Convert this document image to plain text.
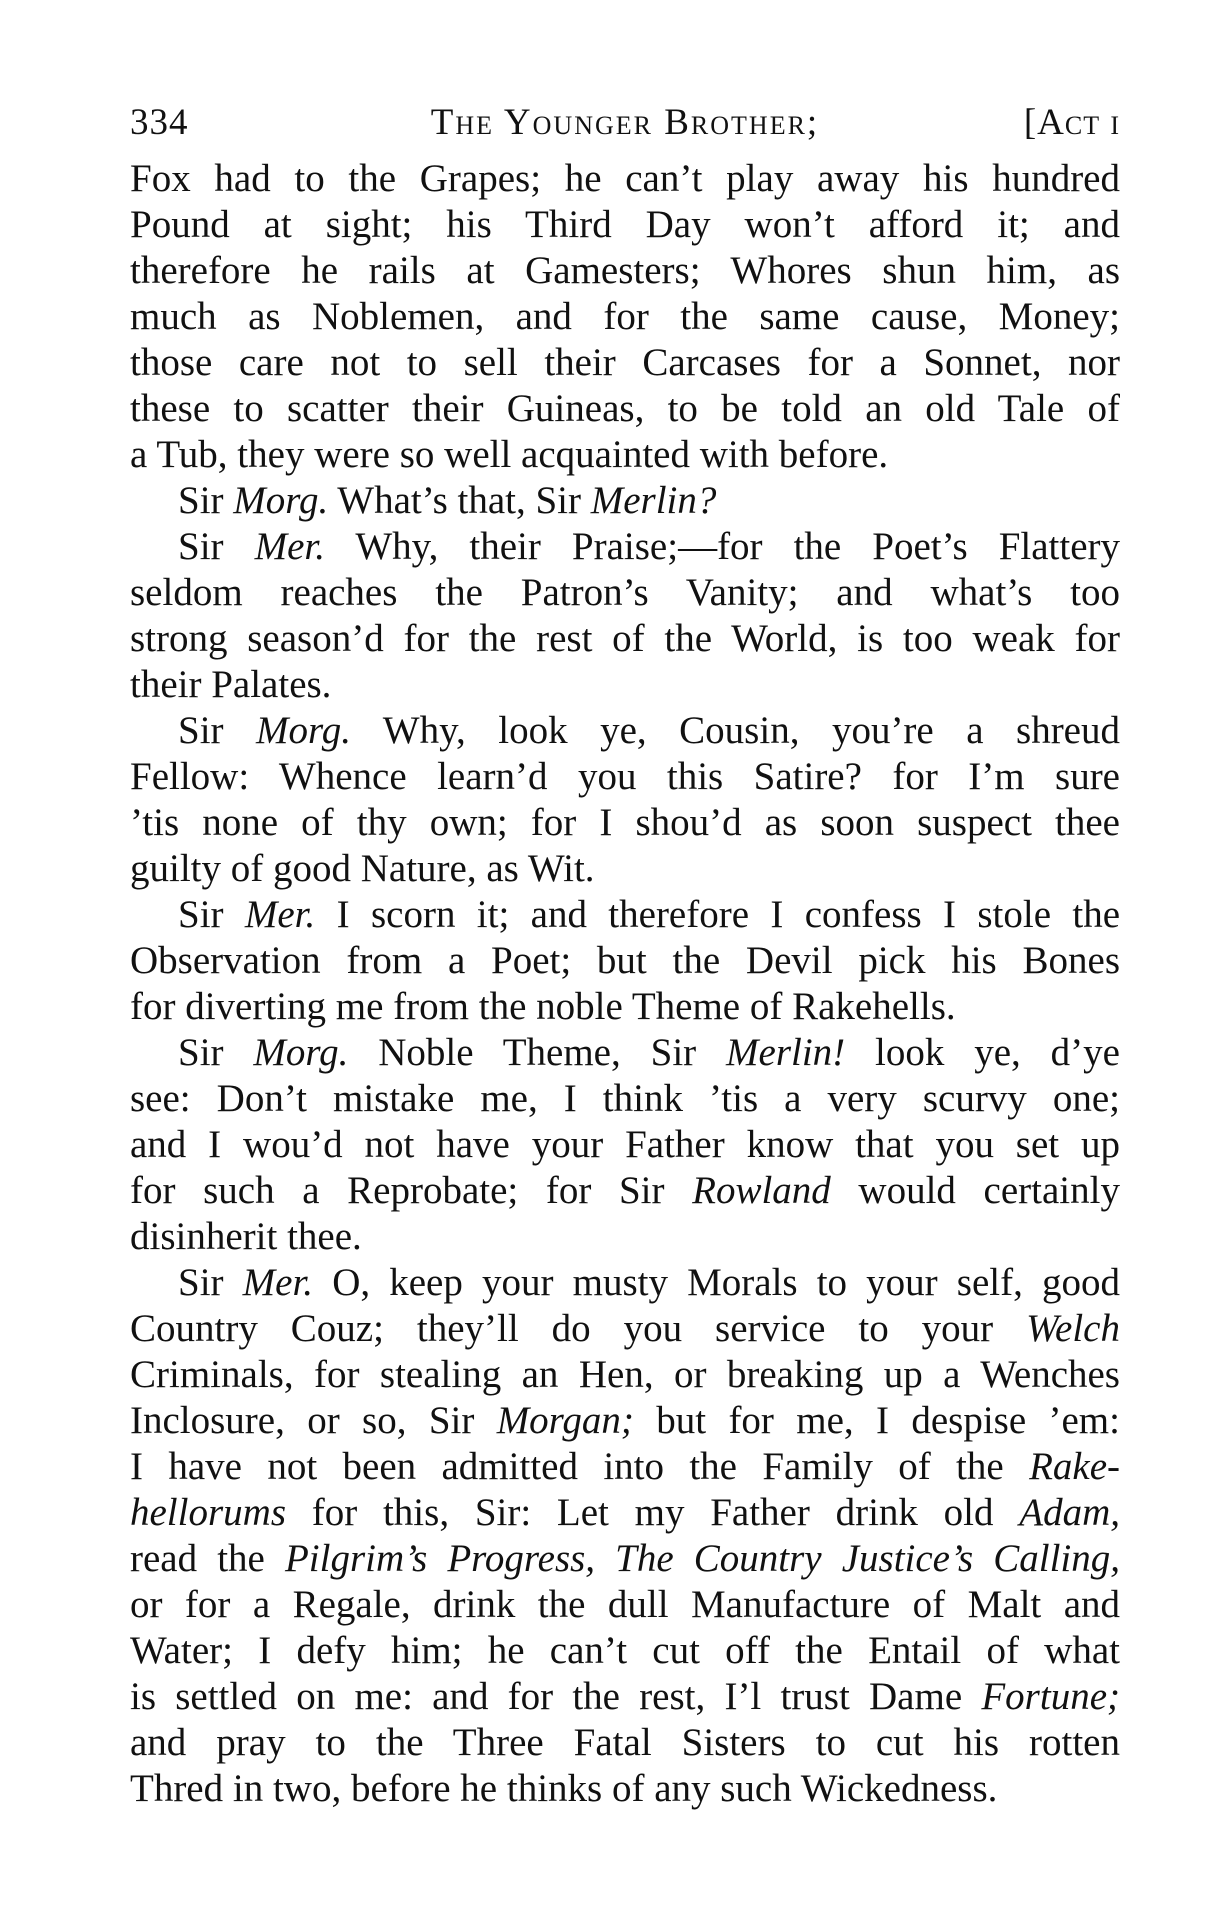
334	The Younger Brother;	[Act i
Fox had to the Grapes; he can’t play away his hundred
Pound at sight; his Third Day won’t afford it; and
therefore he rails at Gamesters; Whores shun him, as
much as Noblemen, and for the same cause, Money;
those care not to sell their Carcases for a Sonnet, nor
these to scatter their Guineas, to be told an old Tale of
a Tub, they were so well acquainted with before.
Sir Morg. What’s that, Sir Merlin?
Sir Mer. Why, their Praise;—for the Poet’s Flattery
seldom reaches the Patron’s Vanity; and what’s too
strong season’d for the rest of the World, is too weak for
their Palates.
Sir Morg. Why, look ye, Cousin, you’re a shreud
Fellow: Whence learn’d you this Satire? for I’m sure
’tis none of thy own; for I shou’d as soon suspect thee
guilty of good Nature, as Wit.
Sir Mer. I scorn it; and therefore I confess I stole the
Observation from a Poet; but the Devil pick his Bones
for diverting me from the noble Theme of Rakehells.
Sir Morg. Noble Theme, Sir Merlin! look ye, d’ye
see: Don’t mistake me, I think ’tis a very scurvy one;
and I wou’d not have your Father know that you set up
for such a Reprobate; for Sir Rowland would certainly
disinherit thee.
Sir Mer. O, keep your musty Morals to your self, good
Country Couz; they’ll do you service to your Welch
Criminals, for stealing an Hen, or breaking up a Wenches
Inclosure, or so, Sir Morgan; but for me, I despise ’em:
I have not been admitted into the Family of the Rake-
hellorums for this, Sir: Let my Father drink old Adam,
read the Pilgrim’s Progress, The Country Justice’s Calling,
or for a Regale, drink the dull Manufacture of Malt and
Water; I defy him; he can’t cut off the Entail of what
is settled on me: and for the rest, I’l trust Dame Fortune;
and pray to the Three Fatal Sisters to cut his rotten
Thred in two, before he thinks of any such Wickedness.
